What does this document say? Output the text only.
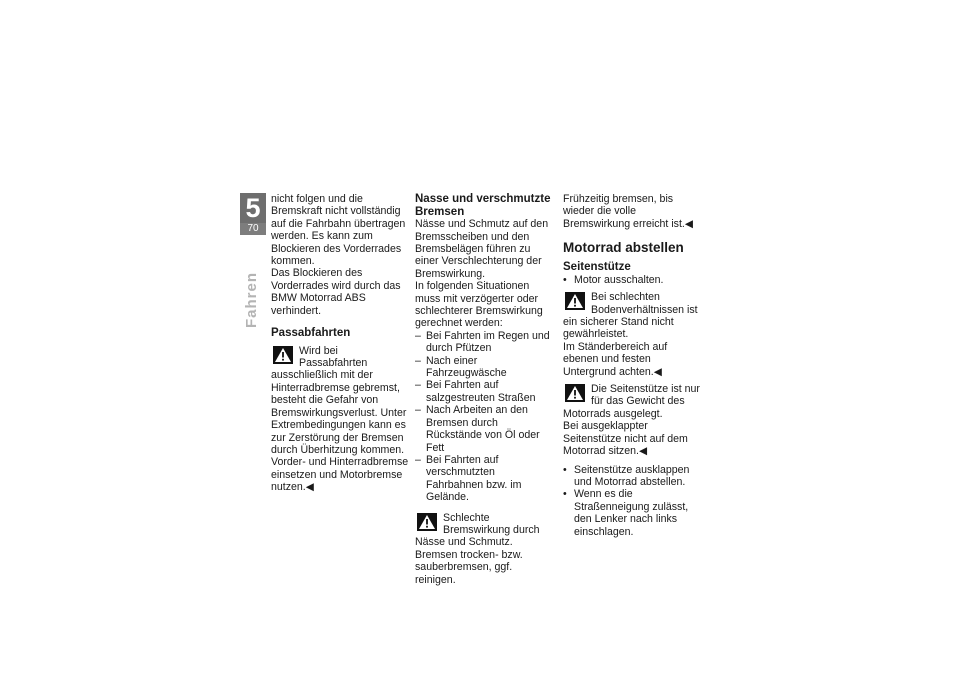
5
70
Fahren

nicht folgen und die Bremskraft nicht vollständig auf die Fahrbahn übertragen werden. Es kann zum Blockieren des Vorderrades kommen.

Das Blockieren des Vorderrades wird durch das BMW Motorrad ABS verhindert.

Passabfahrten

Wird bei Passabfahrten ausschließlich mit der Hinterradbremse gebremst, besteht die Gefahr von Bremswirkungsverlust. Unter Extrembedingungen kann es zur Zerstörung der Bremsen durch Überhitzung kommen.

Vorder- und Hinterradbremse einsetzen und Motorbremse nutzen.◀

Nasse und verschmutzte Bremsen

Nässe und Schmutz auf den Bremsscheiben und den Bremsbelägen führen zu einer Verschlechterung der Bremswirkung.

In folgenden Situationen muss mit verzögerter oder schlechterer Bremswirkung gerechnet werden:

– Bei Fahrten im Regen und durch Pfützen
– Nach einer Fahrzeugwäsche
– Bei Fahrten auf salzgestreuten Straßen
– Nach Arbeiten an den Bremsen durch Rückstände von Öl oder Fett
– Bei Fahrten auf verschmutzten Fahrbahnen bzw. im Gelände.

Schlechte Bremswirkung durch Nässe und Schmutz. Bremsen trocken- bzw. sauberbremsen, ggf. reinigen.

Frühzeitig bremsen, bis wieder die volle Bremswirkung erreicht ist.◀

Motorrad abstellen
Seitenstütze
• Motor ausschalten.

Bei schlechten Bodenverhältnissen ist ein sicherer Stand nicht gewährleistet.

Im Ständerbereich auf ebenen und festen Untergrund achten.◀

Die Seitenstütze ist nur für das Gewicht des Motorrads ausgelegt.

Bei ausgeklappter Seitenstütze nicht auf dem Motorrad sitzen.◀

• Seitenstütze ausklappen und Motorrad abstellen.
• Wenn es die Straßenneigung zulässt, den Lenker nach links einschlagen.
